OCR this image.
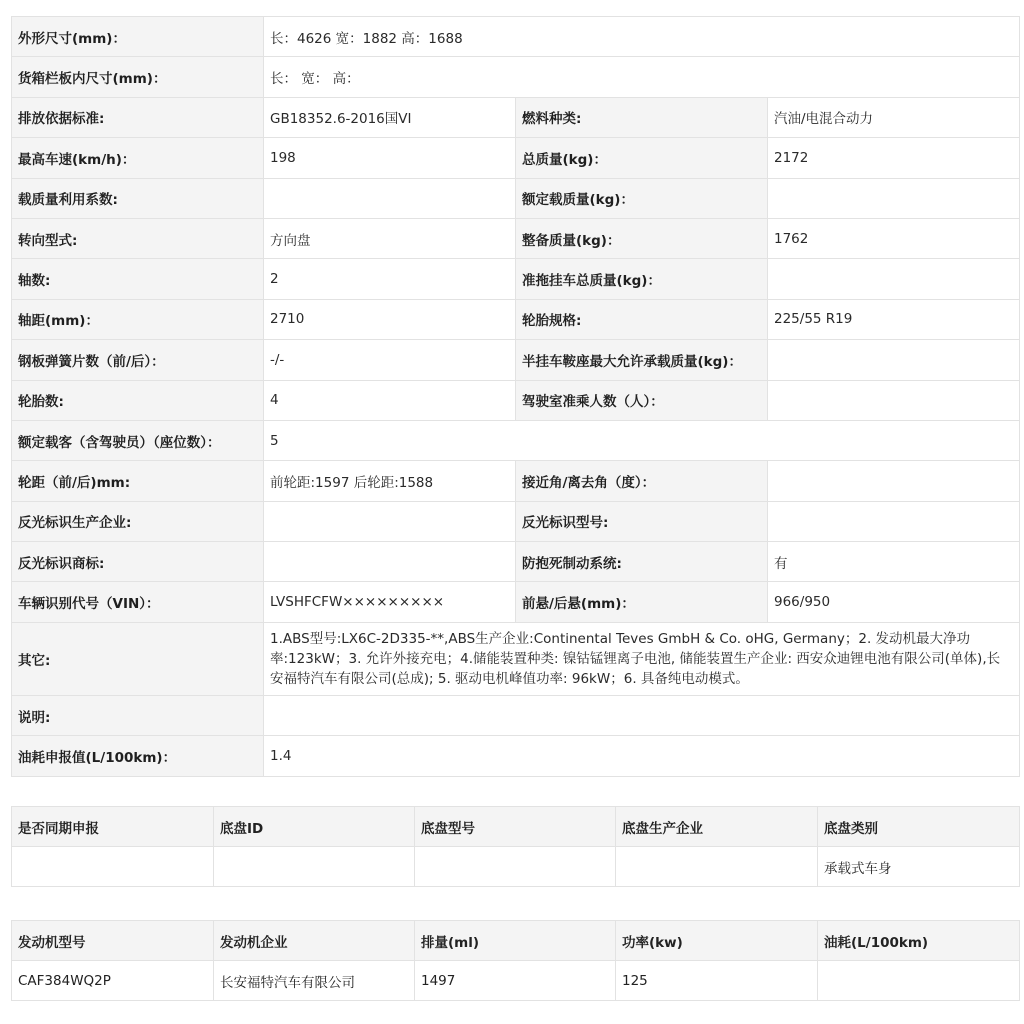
外形尺寸(mm)：	长：4626 宽：1882 高：1688		
货箱栏板内尺寸(mm)：	长： 宽： 高：		
排放依据标准:	GB18352.6-2016国VI	燃料种类:	汽油/电混合动力
最高车速(km/h)：	198	总质量(kg)：	2172
载质量利用系数:		额定载质量(kg)：	
转向型式:	方向盘	整备质量(kg)：	1762
轴数:	2	准拖挂车总质量(kg)：	
轴距(mm)：	2710	轮胎规格:	225/55 R19
钢板弹簧片数（前/后）：	-/-	半挂车鞍座最大允许承载质量(kg)：	
轮胎数:	4	驾驶室准乘人数（人）：	
额定载客（含驾驶员）（座位数）：	5		
轮距（前/后)mm:	前轮距:1597 后轮距:1588	接近角/离去角（度）：	
反光标识生产企业:		反光标识型号:	
反光标识商标:		防抱死制动系统:	有
车辆识别代号（VIN）：	LVSHFCFW×××××××××	前悬/后悬(mm)：	966/950
其它:	1.ABS型号:LX6C-2D335-**,ABS生产企业:Continental Teves GmbH & Co. oHG, Germany；2. 发动机最大净功率:123kW；3. 允许外接充电；4.储能装置种类: 镍钴锰锂离子电池, 储能装置生产企业: 西安众迪锂电池有限公司(单体),长安福特汽车有限公司(总成); 5. 驱动电机峰值功率: 96kW；6. 具备纯电动模式。		
说明:			
油耗申报值(L/100km)：	1.4		
是否同期申报	底盘ID	底盘型号	底盘生产企业	底盘类别
				承载式车身
发动机型号	发动机企业	排量(ml)	功率(kw)	油耗(L/100km)
CAF384WQ2P	长安福特汽车有限公司	1497	125	
